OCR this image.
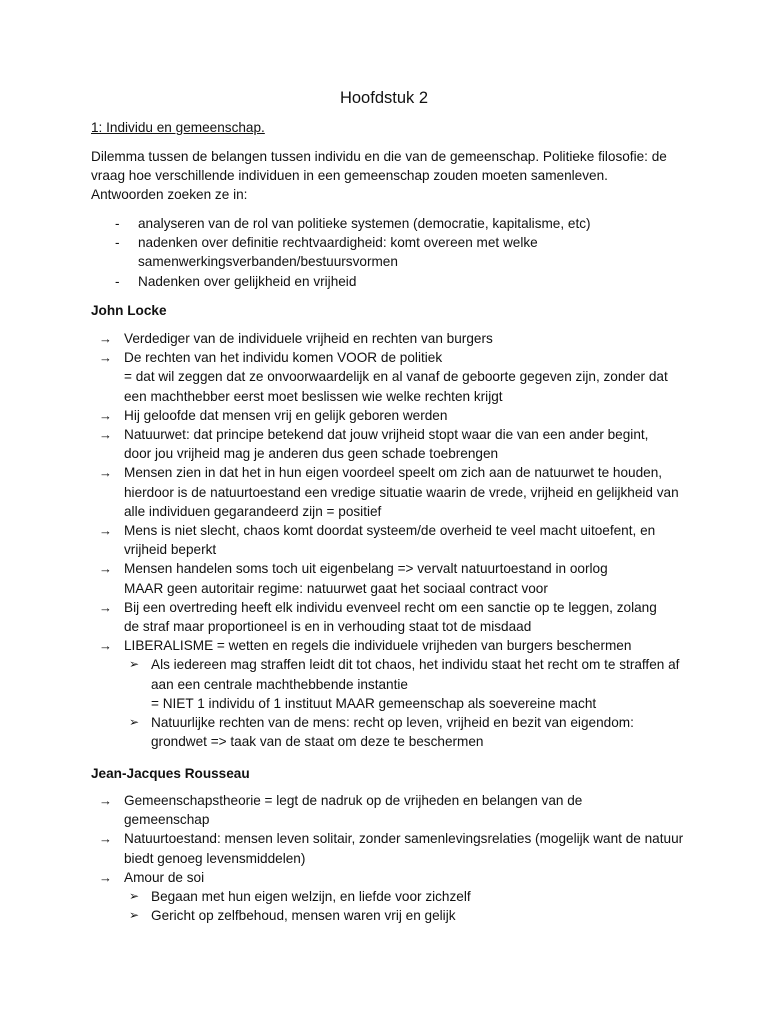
Hoofdstuk 2
1: Individu en gemeenschap.

Dilemma tussen de belangen tussen individu en die van de gemeenschap. Politieke filosofie: de vraag hoe verschillende individuen in een gemeenschap zouden moeten samenleven. Antwoorden zoeken ze in:

- analyseren van de rol van politieke systemen (democratie, kapitalisme, etc)
- nadenken over definitie rechtvaardigheid: komt overeen met welke samenwerkingsverbanden/bestuursvormen
- Nadenken over gelijkheid en vrijheid
John Locke
→ Verdediger van de individuele vrijheid en rechten van burgers
→ De rechten van het individu komen VOOR de politiek
= dat wil zeggen dat ze onvoorwaardelijk en al vanaf de geboorte gegeven zijn, zonder dat een machthebber eerst moet beslissen wie welke rechten krijgt
→ Hij geloofde dat mensen vrij en gelijk geboren werden
→ Natuurwet: dat principe betekend dat jouw vrijheid stopt waar die van een ander begint, door jou vrijheid mag je anderen dus geen schade toebrengen
→ Mensen zien in dat het in hun eigen voordeel speelt om zich aan de natuurwet te houden, hierdoor is de natuurtoestand een vredige situatie waarin de vrede, vrijheid en gelijkheid van alle individuen gegarandeerd zijn = positief
→ Mens is niet slecht, chaos komt doordat systeem/de overheid te veel macht uitoefent, en vrijheid beperkt
→ Mensen handelen soms toch uit eigenbelang => vervalt natuurtoestand in oorlog MAAR geen autoritair regime: natuurwet gaat het sociaal contract voor
→ Bij een overtreding heeft elk individu evenveel recht om een sanctie op te leggen, zolang de straf maar proportioneel is en in verhouding staat tot de misdaad
→ LIBERALISME = wetten en regels die individuele vrijheden van burgers beschermen
➢ Als iedereen mag straffen leidt dit tot chaos, het individu staat het recht om te straffen af aan een centrale machthebbende instantie
= NIET 1 individu of 1 instituut MAAR gemeenschap als soevereine macht
➢ Natuurlijke rechten van de mens: recht op leven, vrijheid en bezit van eigendom: grondwet => taak van de staat om deze te beschermen
Jean-Jacques Rousseau
→ Gemeenschapstheorie = legt de nadruk op de vrijheden en belangen van de gemeenschap
→ Natuurtoestand: mensen leven solitair, zonder samenlevingsrelaties (mogelijk want de natuur biedt genoeg levensmiddelen)
→ Amour de soi
➢ Begaan met hun eigen welzijn, en liefde voor zichzelf
➢ Gericht op zelfbehoud, mensen waren vrij en gelijk
